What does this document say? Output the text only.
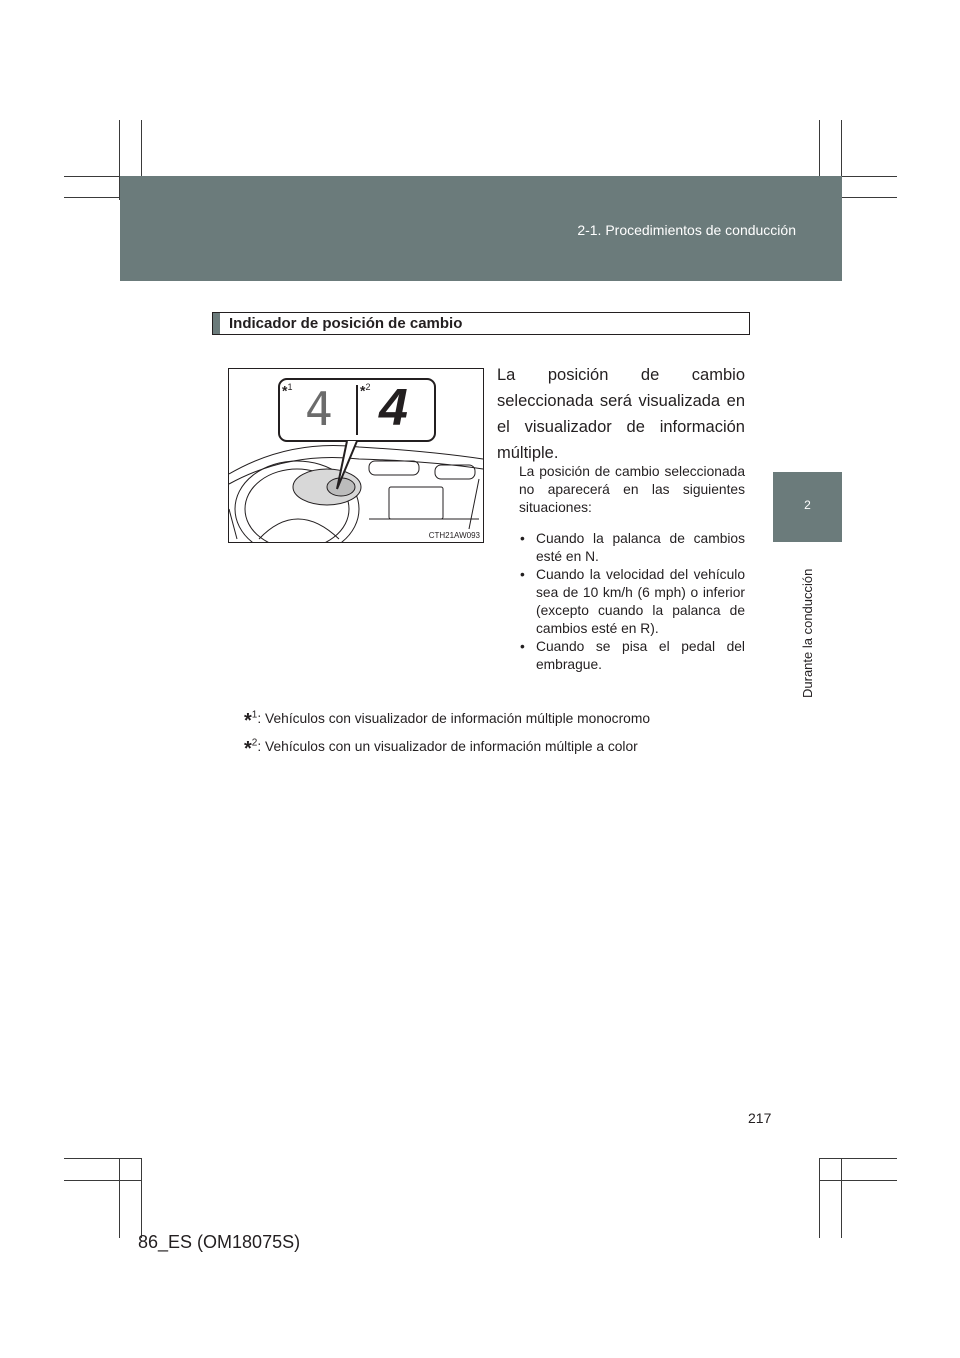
2-1. Procedimientos de conducción
2
Durante la conducción
Indicador de posición de cambio
*$^1$	*$^2$
4 4
CTH21AW093
La posición de cambio seleccionada será visualizada en el visualizador de información múltiple.
La posición de cambio seleccionada no aparecerá en las siguientes situaciones:
• Cuando la palanca de cambios esté en N.
• Cuando la velocidad del vehículo sea de 10 km/h (6 mph) o inferior (excepto cuando la palanca de cambios esté en R).
• Cuando se pisa el pedal del embrague.
*$^1$: Vehículos con visualizador de información múltiple monocromo
*$^2$: Vehículos con un visualizador de información múltiple a color
217
86_ES (OM18075S)
